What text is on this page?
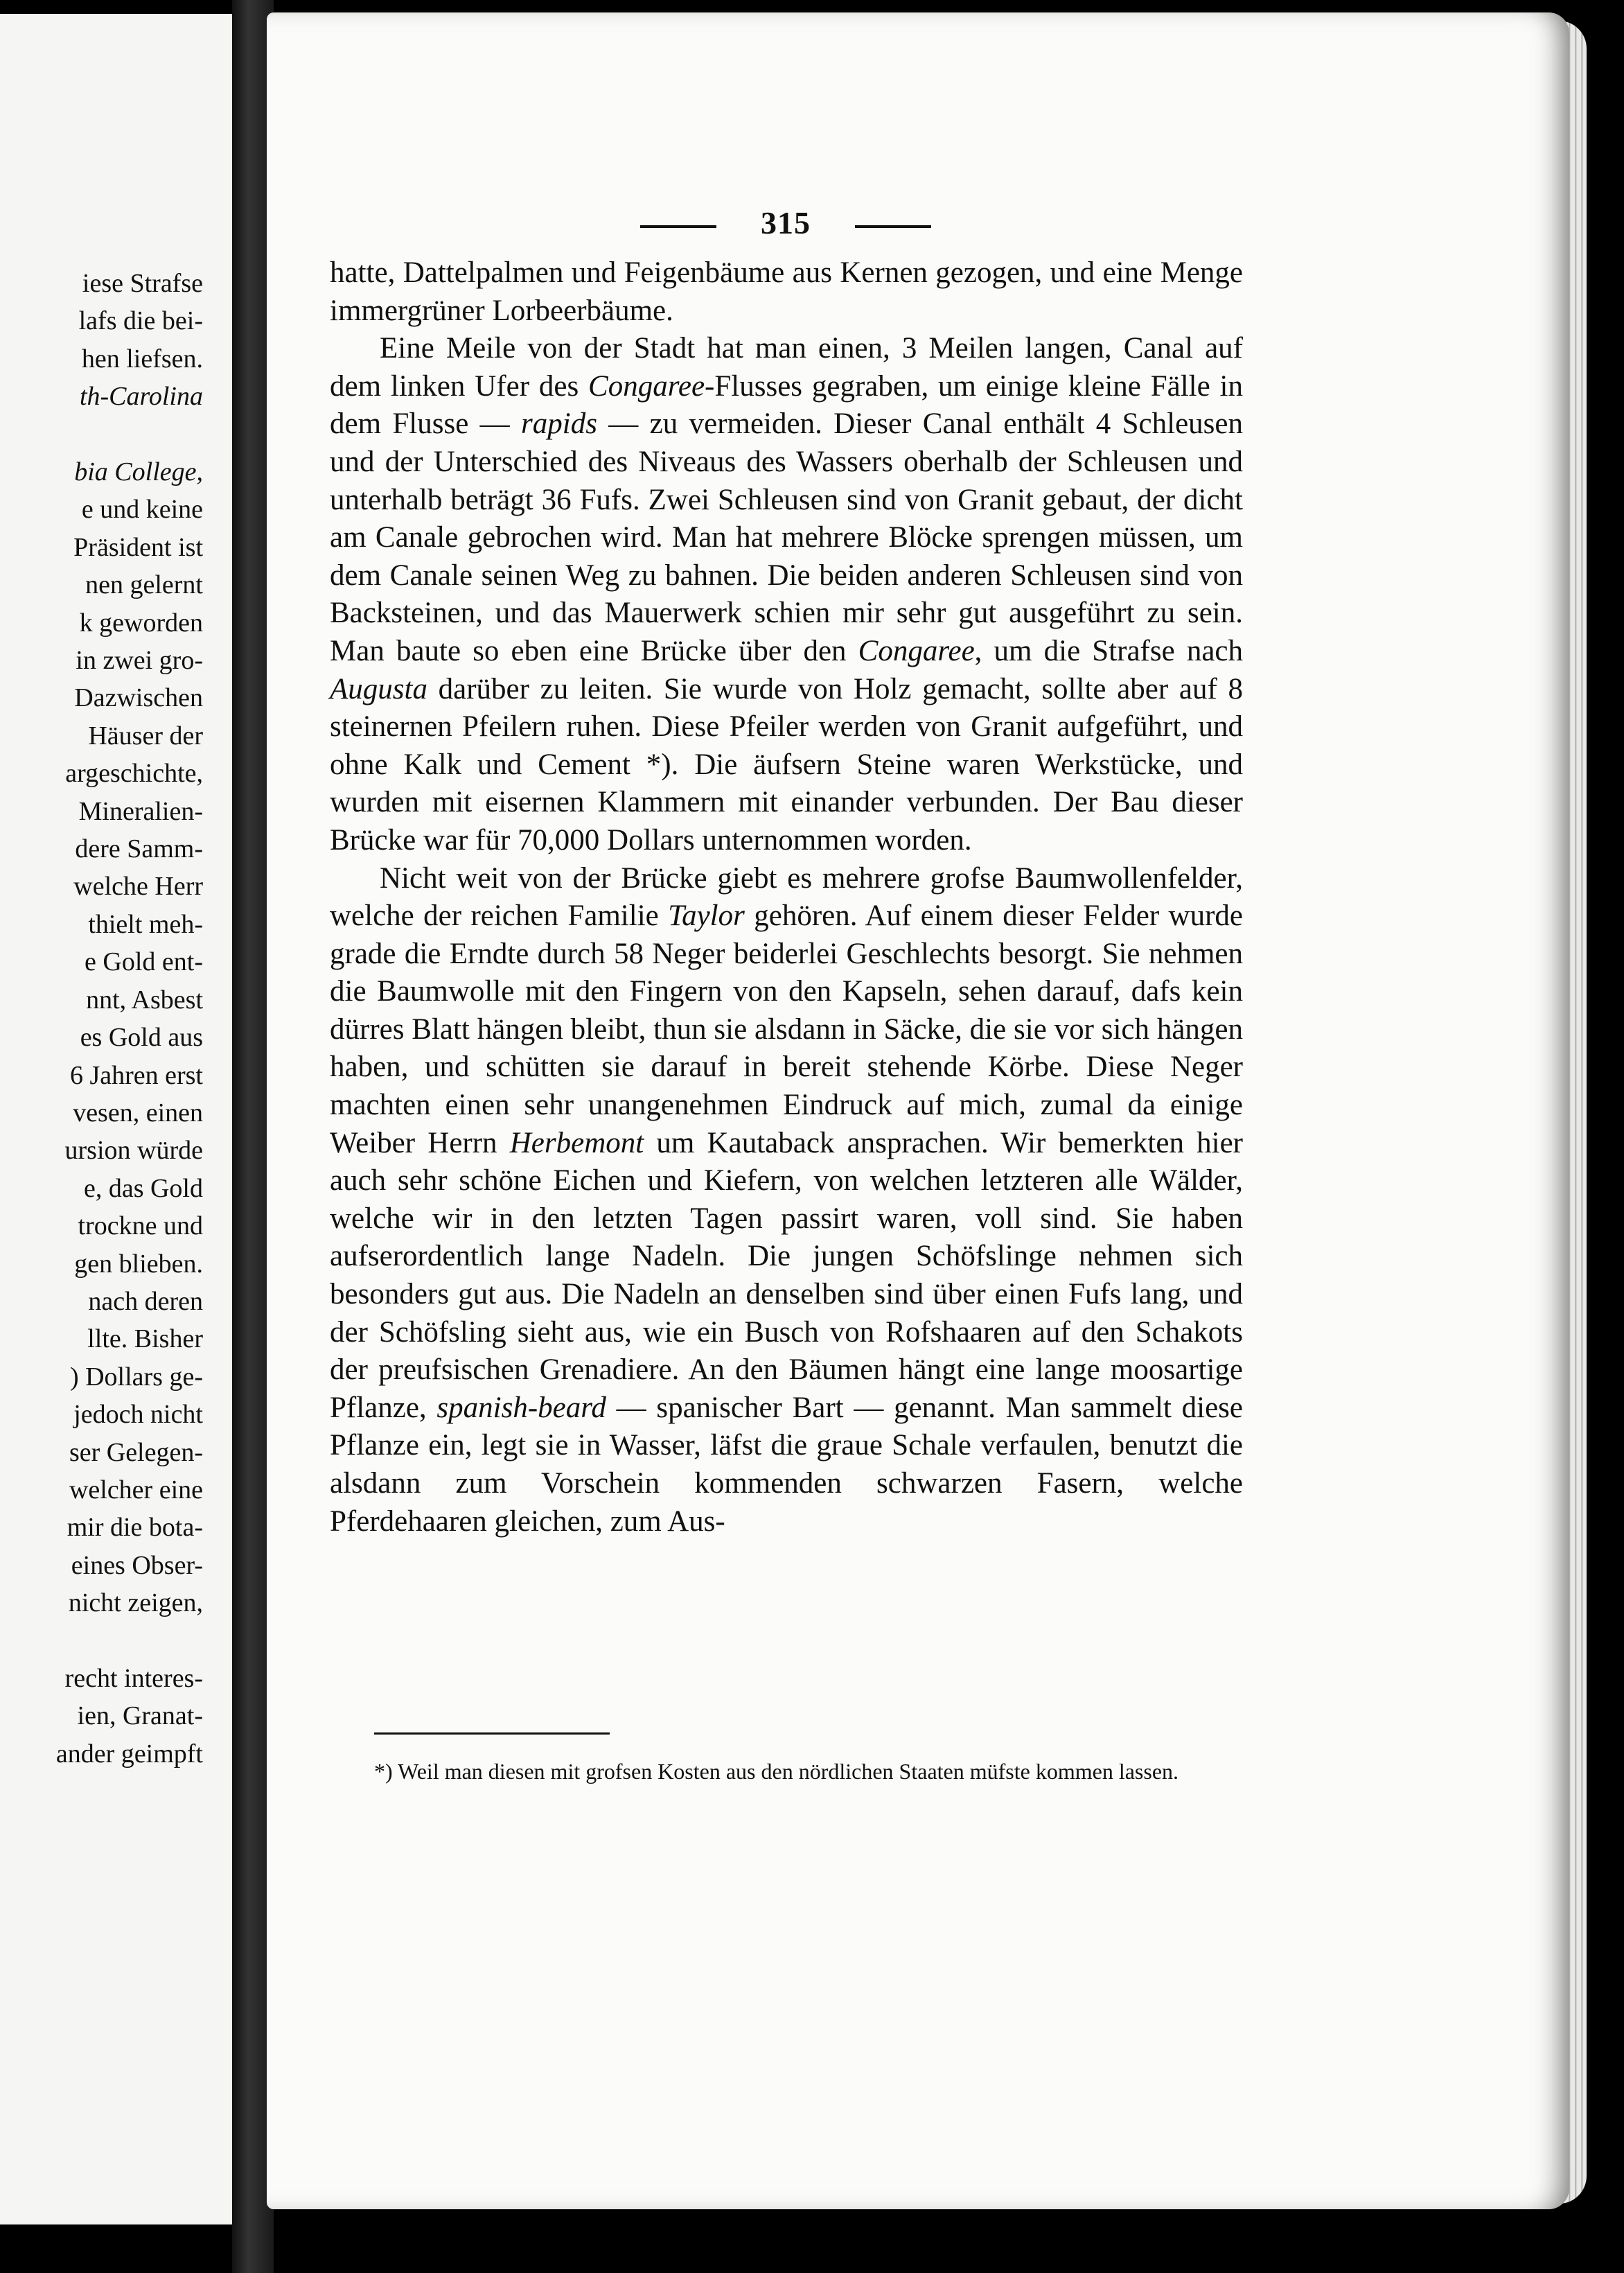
iese Strafse
lafs die bei-
hen liefsen.
th-Carolina
bia College,
e und keine
Präsident ist
nen gelernt
k geworden
in zwei gro-
Dazwischen
Häuser der
argeschichte,
Mineralien-
dere Samm-
welche Herr
thielt meh-
e Gold ent-
nnt, Asbest
es Gold aus
6 Jahren erst
vesen, einen
ursion würde
e, das Gold
trockne und
gen blieben.
nach deren
llte. Bisher
) Dollars ge-
jedoch nicht
ser Gelegen-
welcher eine
mir die bota-
eines Obser-
nicht zeigen,
recht interes-
ien, Granat-
ander geimpft
315

hatte, Dattelpalmen und Feigenbäume aus Kernen gezogen, und eine Menge immergrüner Lorbeerbäume.

Eine Meile von der Stadt hat man einen, 3 Meilen langen, Canal auf dem linken Ufer des Congaree-Flusses gegraben, um einige kleine Fälle in dem Flusse — rapids — zu vermeiden. Dieser Canal enthält 4 Schleusen und der Unterschied des Niveaus des Wassers oberhalb der Schleusen und unterhalb beträgt 36 Fufs. Zwei Schleusen sind von Granit gebaut, der dicht am Canale gebrochen wird. Man hat mehrere Blöcke sprengen müssen, um dem Canale seinen Weg zu bahnen. Die beiden anderen Schleusen sind von Backsteinen, und das Mauerwerk schien mir sehr gut ausgeführt zu sein. Man baute so eben eine Brücke über den Congaree, um die Strafse nach Augusta darüber zu leiten. Sie wurde von Holz gemacht, sollte aber auf 8 steinernen Pfeilern ruhen. Diese Pfeiler werden von Granit aufgeführt, und ohne Kalk und Cement *). Die äufsern Steine waren Werkstücke, und wurden mit eisernen Klammern mit einander verbunden. Der Bau dieser Brücke war für 70,000 Dollars unternommen worden.

Nicht weit von der Brücke giebt es mehrere grofse Baumwollenfelder, welche der reichen Familie Taylor gehören. Auf einem dieser Felder wurde grade die Erndte durch 58 Neger beiderlei Geschlechts besorgt. Sie nehmen die Baumwolle mit den Fingern von den Kapseln, sehen darauf, dafs kein dürres Blatt hängen bleibt, thun sie alsdann in Säcke, die sie vor sich hängen haben, und schütten sie darauf in bereit stehende Körbe. Diese Neger machten einen sehr unangenehmen Eindruck auf mich, zumal da einige Weiber Herrn Herbemont um Kautaback ansprachen. Wir bemerkten hier auch sehr schöne Eichen und Kiefern, von welchen letzteren alle Wälder, welche wir in den letzten Tagen passirt waren, voll sind. Sie haben aufserordentlich lange Nadeln. Die jungen Schöfslinge nehmen sich besonders gut aus. Die Nadeln an denselben sind über einen Fufs lang, und der Schöfsling sieht aus, wie ein Busch von Rofshaaren auf den Schakots der preufsischen Grenadiere. An den Bäumen hängt eine lange moosartige Pflanze, spanish-beard — spanischer Bart — genannt. Man sammelt diese Pflanze ein, legt sie in Wasser, läfst die graue Schale verfaulen, benutzt die alsdann zum Vorschein kommenden schwarzen Fasern, welche Pferdehaaren gleichen, zum Aus-

*) Weil man diesen mit grofsen Kosten aus den nördlichen Staaten müfste kommen lassen.
